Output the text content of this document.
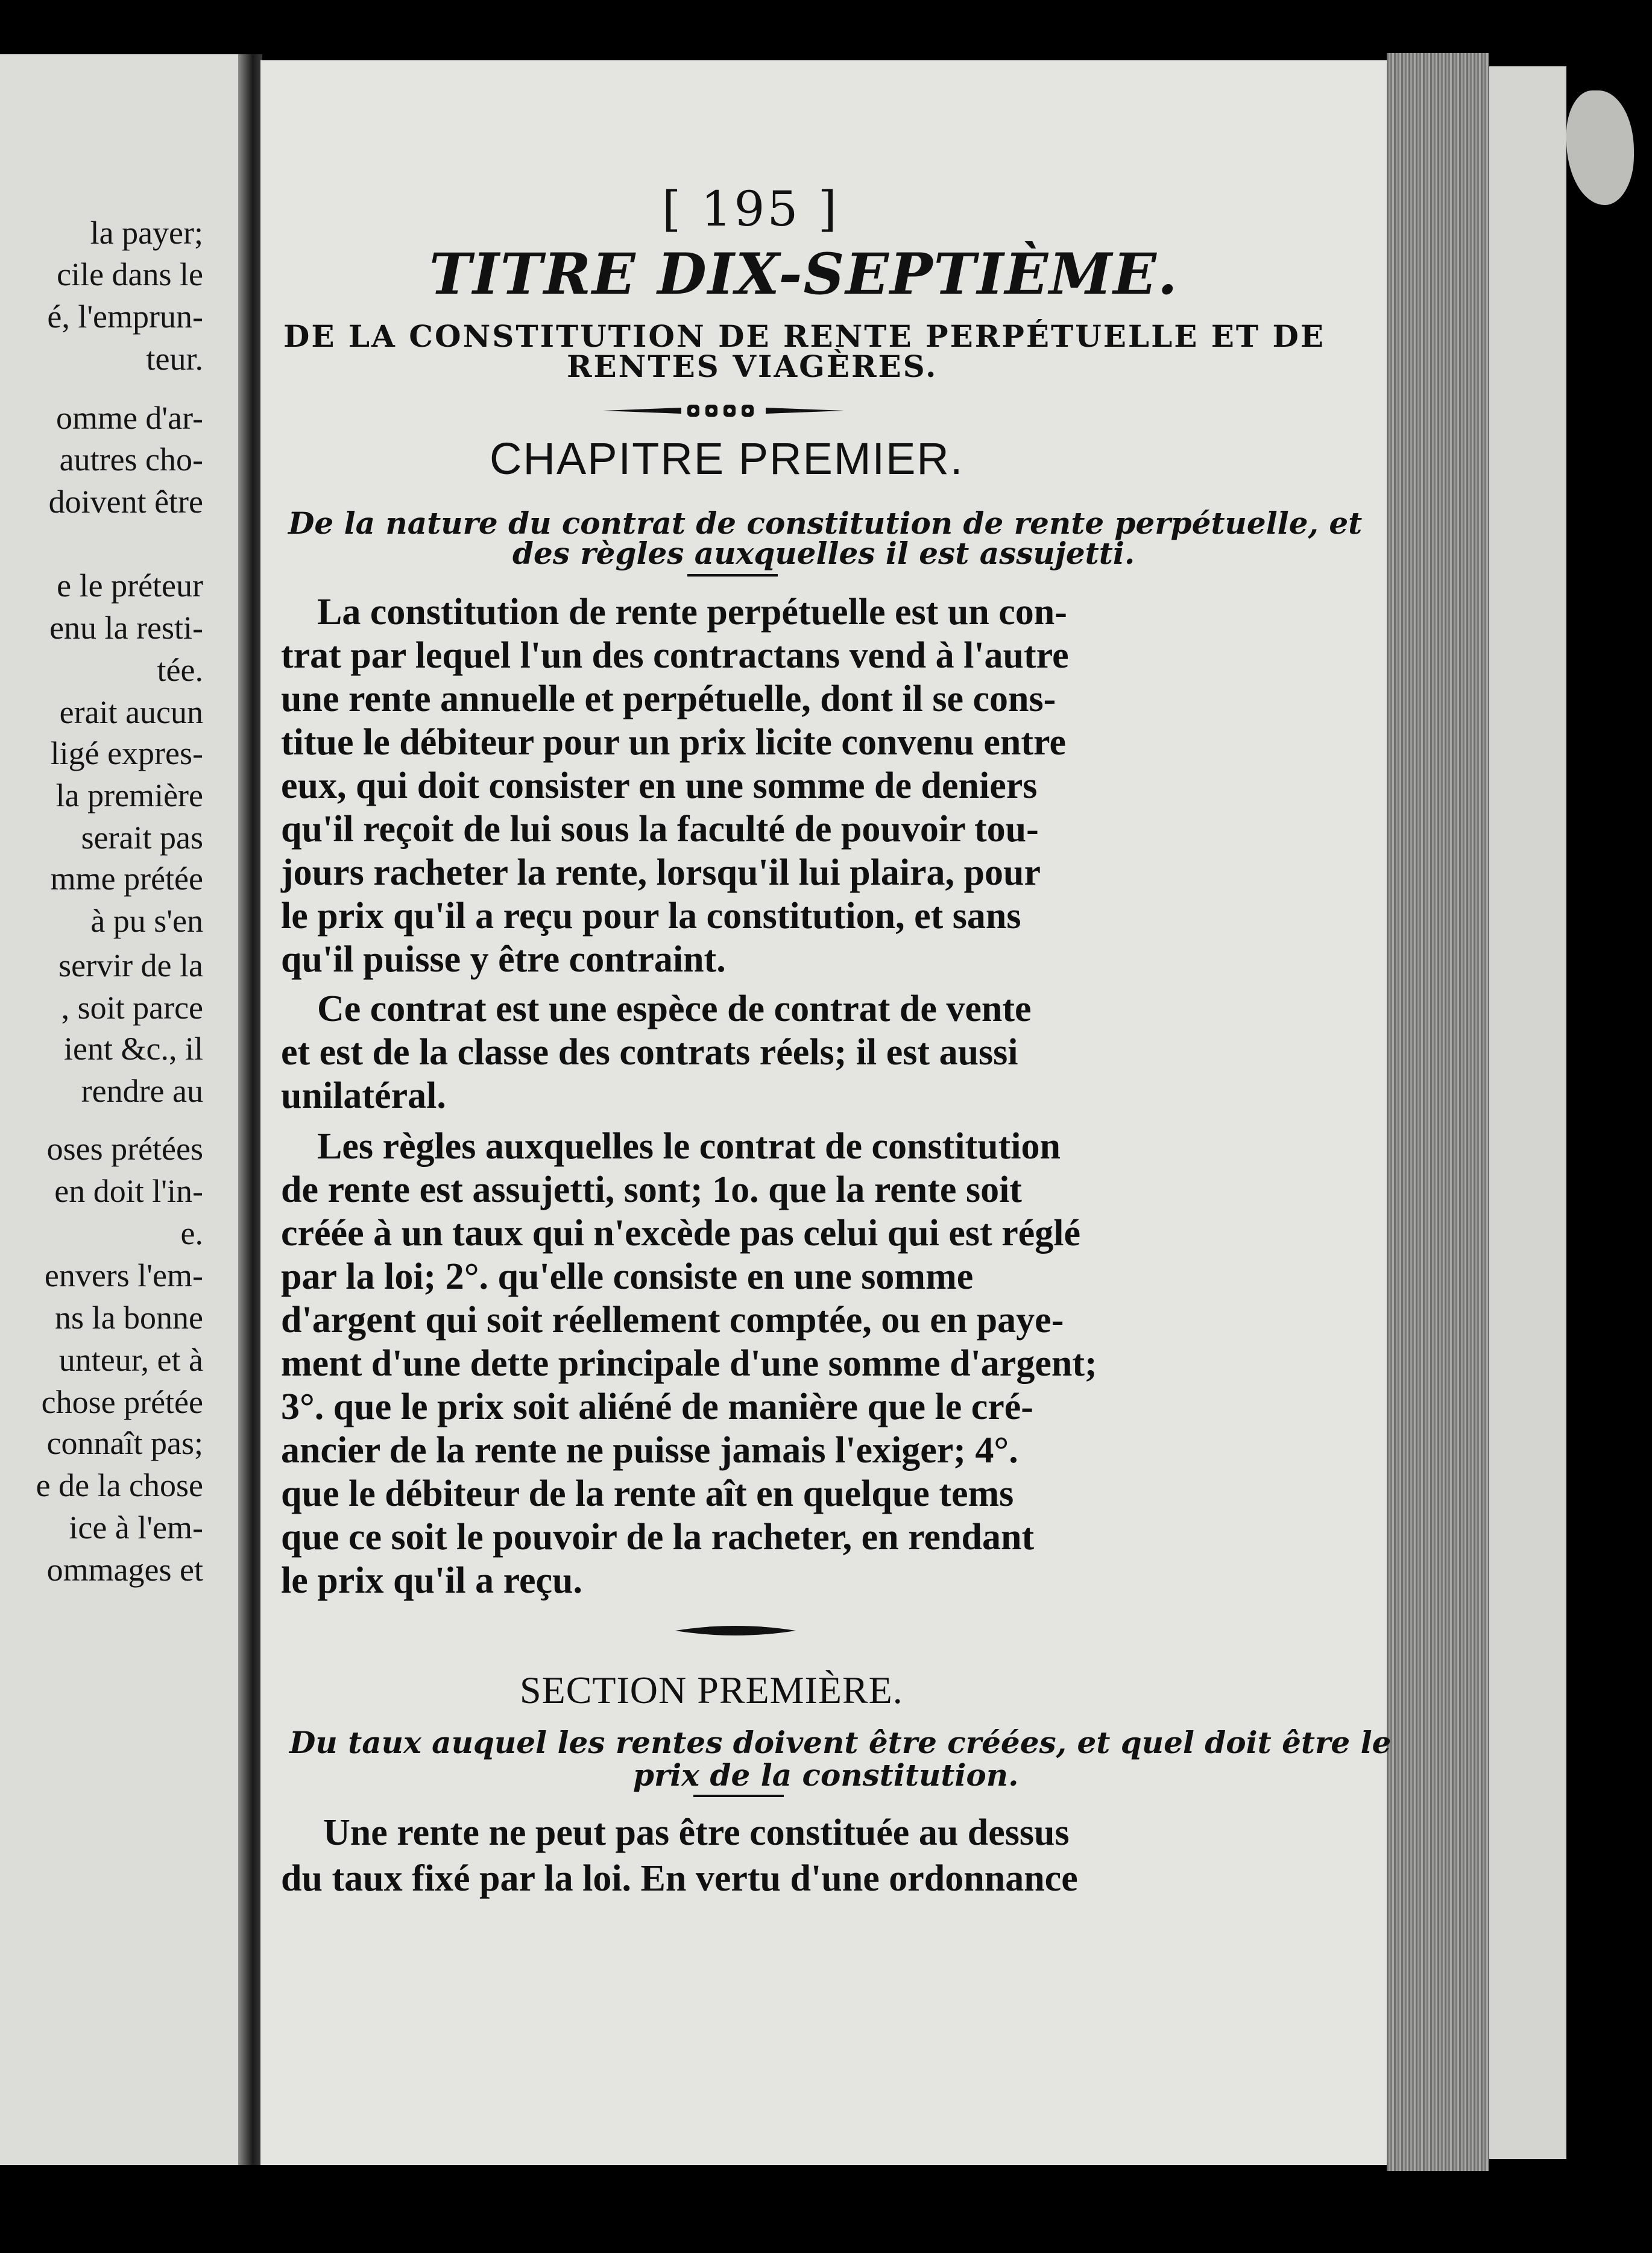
la payer;
cile dans le
é, l'emprun-
teur.
omme d'ar-
autres cho-
doivent être
e le préteur
enu la resti-
tée.
erait aucun
ligé expres-
la première
serait pas
mme prétée
à pu s'en
servir de la
, soit parce
ient &c., il
rendre au
oses prétées
en doit l'in-
e.
envers l'em-
ns la bonne
unteur, et à
chose prétée
connaît pas;
e de la chose
ice à l'em-
ommages et
[ 195 ]
TITRE DIX-SEPTIÈME.
DE LA CONSTITUTION DE RENTE PERPÉTUELLE ET DE
RENTES VIAGÈRES.
CHAPITRE PREMIER.
De la nature du contrat de constitution de rente perpétuelle, et
des règles auxquelles il est assujetti.
La constitution de rente perpétuelle est un con-
trat par lequel l'un des contractans vend à l'autre
une rente annuelle et perpétuelle, dont il se cons-
titue le débiteur pour un prix licite convenu entre
eux, qui doit consister en une somme de deniers
qu'il reçoit de lui sous la faculté de pouvoir tou-
jours racheter la rente, lorsqu'il lui plaira, pour
le prix qu'il a reçu pour la constitution, et sans
qu'il puisse y être contraint.
Ce contrat est une espèce de contrat de vente
et est de la classe des contrats réels; il est aussi
unilatéral.
Les règles auxquelles le contrat de constitution
de rente est assujetti, sont; 1o. que la rente soit
créée à un taux qui n'excède pas celui qui est réglé
par la loi; 2°. qu'elle consiste en une somme
d'argent qui soit réellement comptée, ou en paye-
ment d'une dette principale d'une somme d'argent;
3°. que le prix soit aliéné de manière que le cré-
ancier de la rente ne puisse jamais l'exiger; 4°.
que le débiteur de la rente aît en quelque tems
que ce soit le pouvoir de la racheter, en rendant
le prix qu'il a reçu.
SECTION PREMIÈRE.
Du taux auquel les rentes doivent être créées, et quel doit être le
prix de la constitution.
Une rente ne peut pas être constituée au dessus
du taux fixé par la loi. En vertu d'une ordonnance
